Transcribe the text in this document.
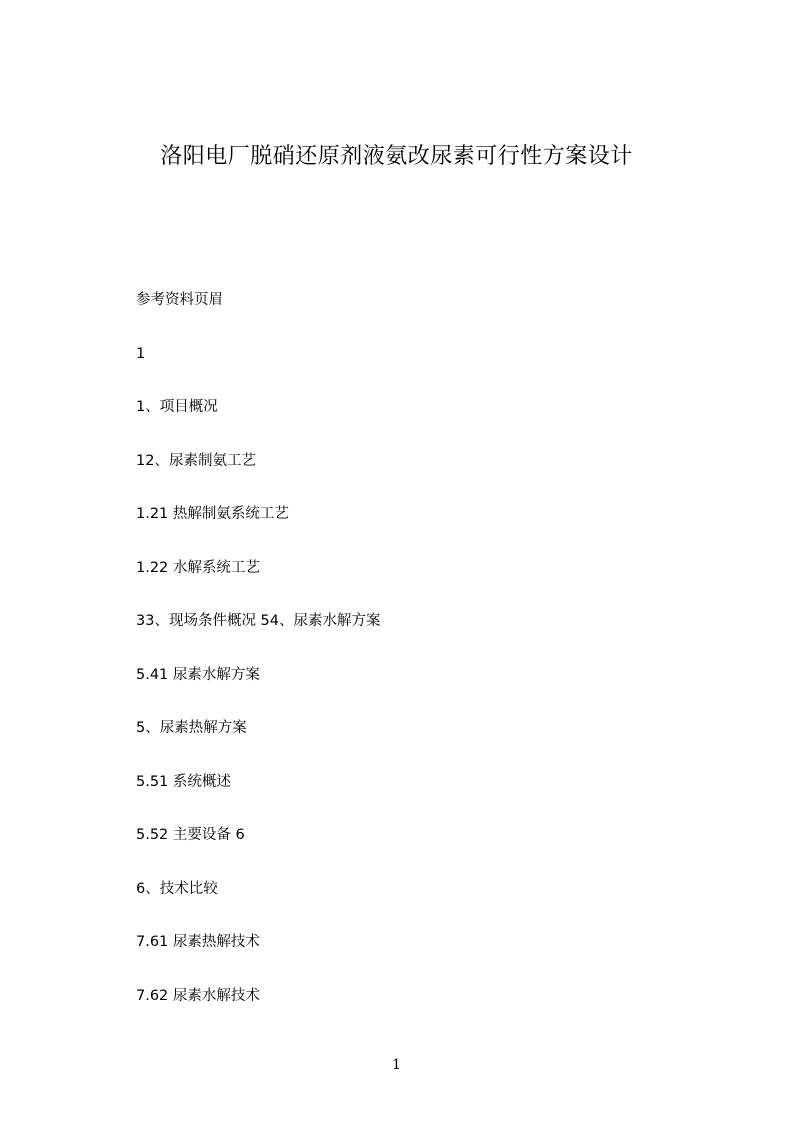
洛阳电厂脱硝还原剂液氨改尿素可行性方案设计
参考资料页眉
1
1、项目概况
12、尿素制氨工艺
1.21 热解制氨系统工艺
1.22 水解系统工艺
33、现场条件概况 54、尿素水解方案
5.41 尿素水解方案
5、尿素热解方案
5.51 系统概述
5.52 主要设备 6
6、技术比较
7.61 尿素热解技术
7.62 尿素水解技术
1
